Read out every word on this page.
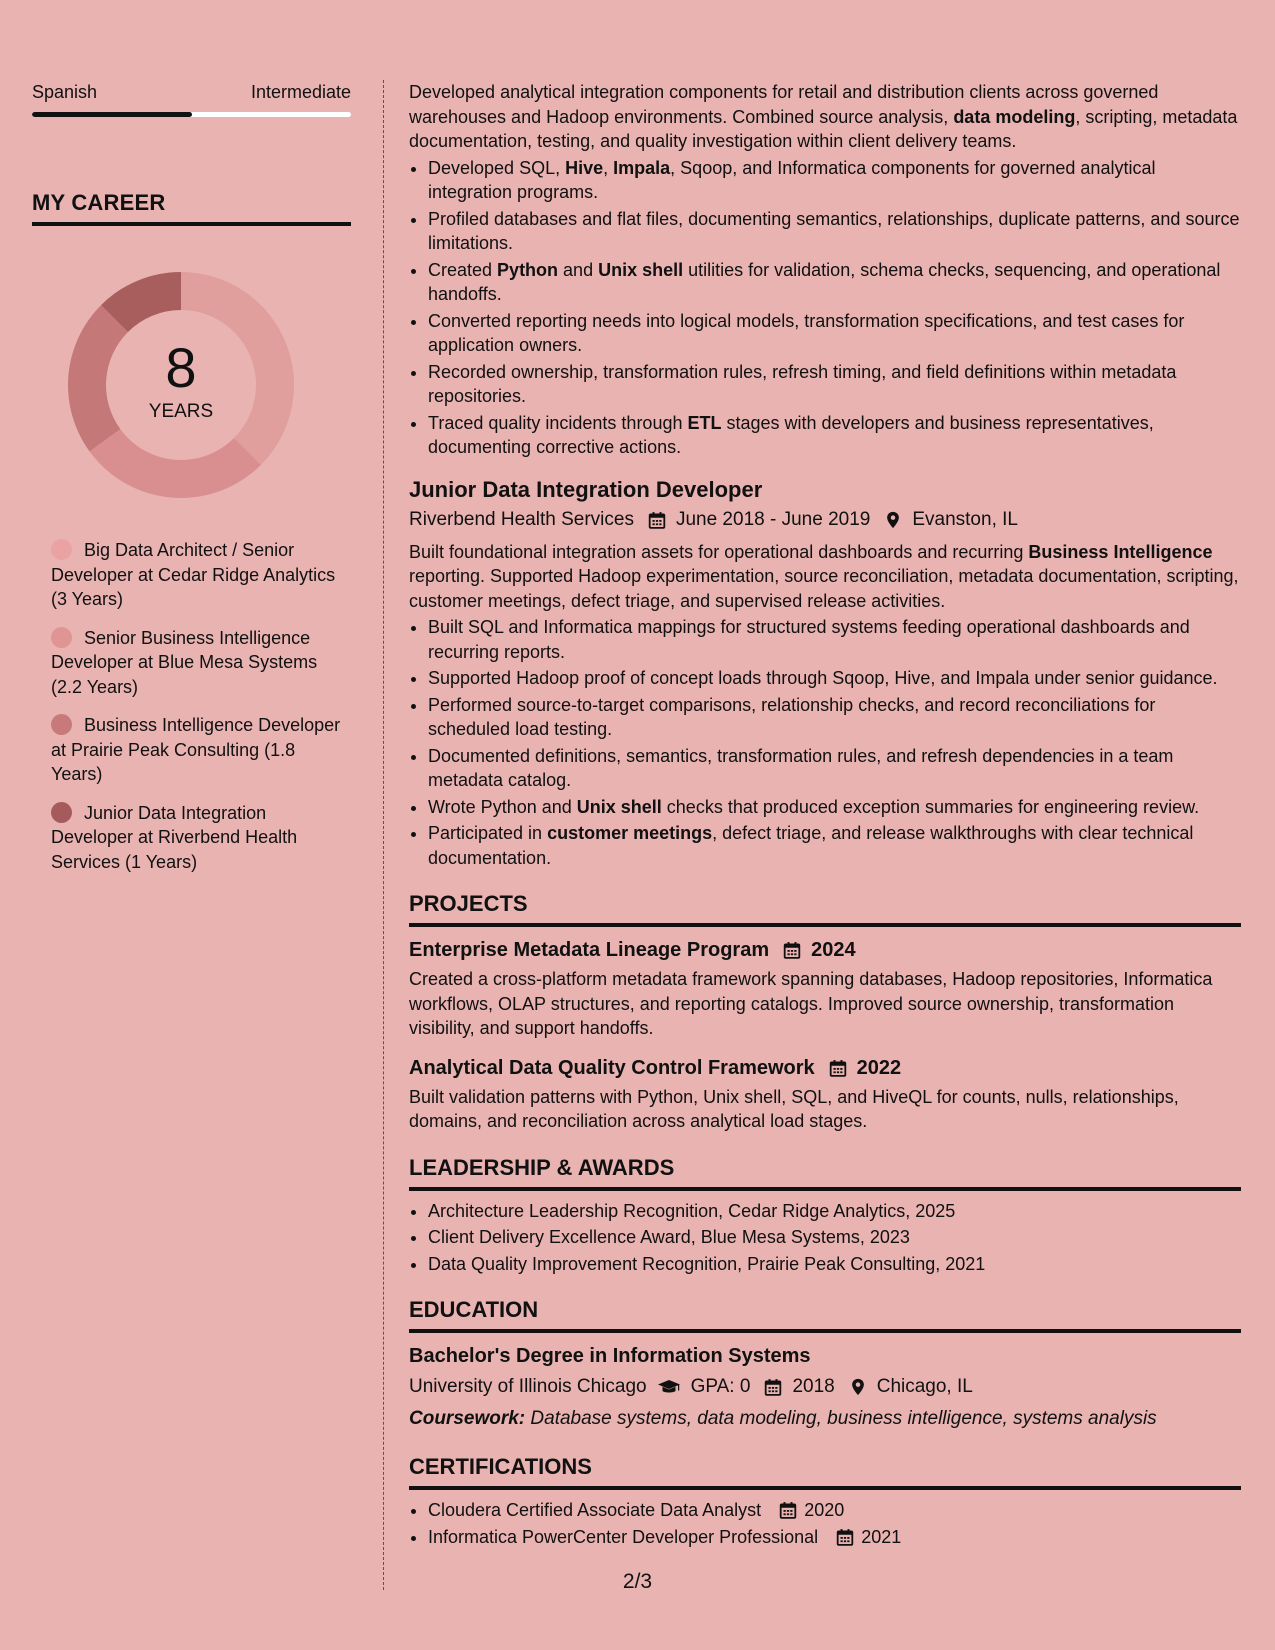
Spanish	Intermediate
MY CAREER
8
YEARS
Big Data Architect / Senior Developer at Cedar Ridge Analytics (3 Years)
Senior Business Intelligence Developer at Blue Mesa Systems (2.2 Years)
Business Intelligence Developer at Prairie Peak Consulting (1.8 Years)
Junior Data Integration Developer at Riverbend Health Services (1 Years)

Developed analytical integration components for retail and distribution clients across governed warehouses and Hadoop environments. Combined source analysis, data modeling, scripting, metadata documentation, testing, and quality investigation within client delivery teams.

• Developed SQL, Hive, Impala, Sqoop, and Informatica components for governed analytical integration programs.
• Profiled databases and flat files, documenting semantics, relationships, duplicate patterns, and source limitations.
• Created Python and Unix shell utilities for validation, schema checks, sequencing, and operational handoffs.
• Converted reporting needs into logical models, transformation specifications, and test cases for application owners.
• Recorded ownership, transformation rules, refresh timing, and field definitions within metadata repositories.
• Traced quality incidents through ETL stages with developers and business representatives, documenting corrective actions.
Junior Data Integration Developer
Riverbend Health Services June 2018 - June 2019 Evanston, IL

Built foundational integration assets for operational dashboards and recurring Business Intelligence reporting. Supported Hadoop experimentation, source reconciliation, metadata documentation, scripting, customer meetings, defect triage, and supervised release activities.

• Built SQL and Informatica mappings for structured systems feeding operational dashboards and recurring reports.
• Supported Hadoop proof of concept loads through Sqoop, Hive, and Impala under senior guidance.
• Performed source-to-target comparisons, relationship checks, and record reconciliations for scheduled load testing.
• Documented definitions, semantics, transformation rules, and refresh dependencies in a team metadata catalog.
• Wrote Python and Unix shell checks that produced exception summaries for engineering review.
• Participated in customer meetings, defect triage, and release walkthroughs with clear technical documentation.
PROJECTS
Enterprise Metadata Lineage Program 2024

Created a cross-platform metadata framework spanning databases, Hadoop repositories, Informatica workflows, OLAP structures, and reporting catalogs. Improved source ownership, transformation visibility, and support handoffs.

Analytical Data Quality Control Framework 2022

Built validation patterns with Python, Unix shell, SQL, and HiveQL for counts, nulls, relationships, domains, and reconciliation across analytical load stages.

LEADERSHIP & AWARDS
• Architecture Leadership Recognition, Cedar Ridge Analytics, 2025
• Client Delivery Excellence Award, Blue Mesa Systems, 2023
• Data Quality Improvement Recognition, Prairie Peak Consulting, 2021
EDUCATION
Bachelor's Degree in Information Systems
University of Illinois Chicago GPA: 0 2018 Chicago, IL
Coursework: Database systems, data modeling, business intelligence, systems analysis
CERTIFICATIONS
• Cloudera Certified Associate Data Analyst 2020
• Informatica PowerCenter Developer Professional 2021
2/3
